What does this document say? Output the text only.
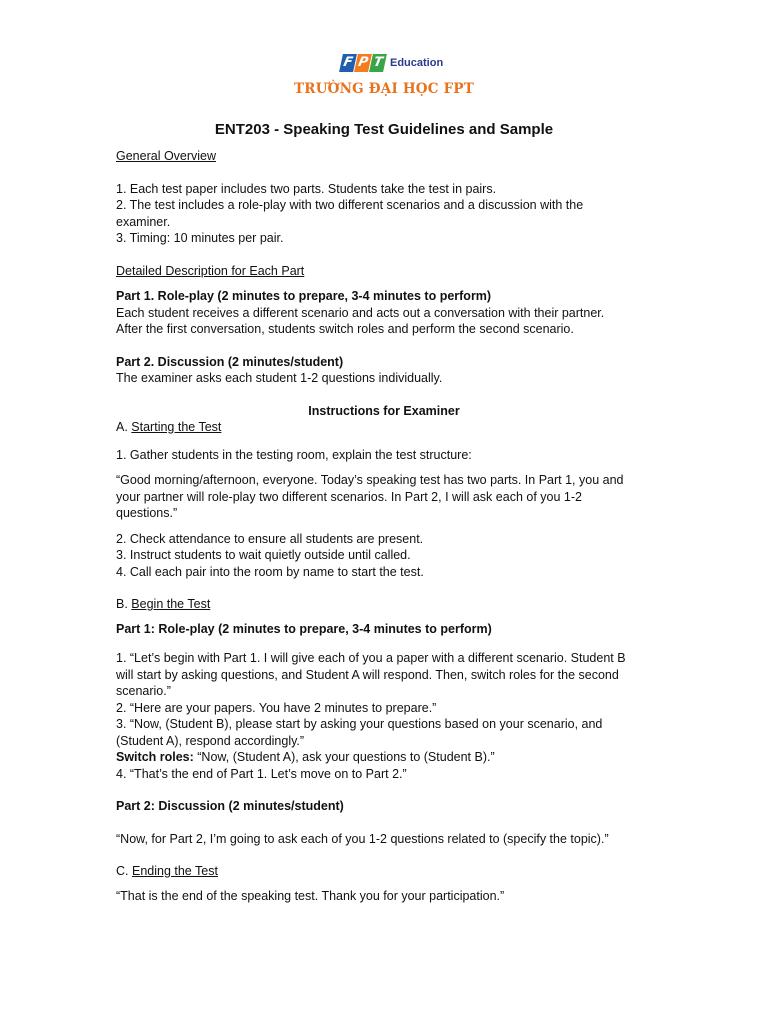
F P T Education
TRƯỜNG ĐẠI HỌC FPT
ENT203 - Speaking Test Guidelines and Sample
General Overview
1. Each test paper includes two parts. Students take the test in pairs.
2. The test includes a role-play with two different scenarios and a discussion with the
examiner.
3. Timing: 10 minutes per pair.
Detailed Description for Each Part
Part 1. Role-play (2 minutes to prepare, 3-4 minutes to perform)
Each student receives a different scenario and acts out a conversation with their partner.
After the first conversation, students switch roles and perform the second scenario.
Part 2. Discussion (2 minutes/student)
The examiner asks each student 1-2 questions individually.
Instructions for Examiner
A. Starting the Test
1. Gather students in the testing room, explain the test structure:
“Good morning/afternoon, everyone. Today’s speaking test has two parts. In Part 1, you and
your partner will role-play two different scenarios. In Part 2, I will ask each of you 1-2
questions.”
2. Check attendance to ensure all students are present.
3. Instruct students to wait quietly outside until called.
4. Call each pair into the room by name to start the test.
B. Begin the Test
Part 1: Role-play (2 minutes to prepare, 3-4 minutes to perform)
1. “Let’s begin with Part 1. I will give each of you a paper with a different scenario. Student B
will start by asking questions, and Student A will respond. Then, switch roles for the second
scenario.”
2. “Here are your papers. You have 2 minutes to prepare.”
3. “Now, (Student B), please start by asking your questions based on your scenario, and
(Student A), respond accordingly.”
Switch roles: “Now, (Student A), ask your questions to (Student B).”
4. “That’s the end of Part 1. Let’s move on to Part 2.”
Part 2: Discussion (2 minutes/student)
“Now, for Part 2, I’m going to ask each of you 1-2 questions related to (specify the topic).”
C. Ending the Test
“That is the end of the speaking test. Thank you for your participation.”
